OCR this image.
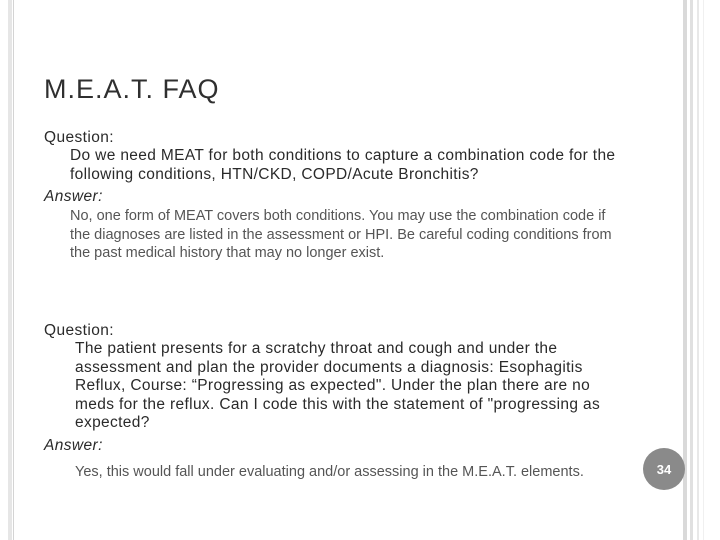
M.E.A.T. FAQ
Question:
Do we need MEAT for both conditions to capture a combination code for the following conditions, HTN/CKD, COPD/Acute Bronchitis?
Answer:
No, one form of MEAT covers both conditions. You may use the combination code if the diagnoses are listed in the assessment or HPI. Be careful coding conditions from the past medical history that may no longer exist.
Question:
The patient presents for a scratchy throat and cough and under the assessment and plan the provider documents a diagnosis: Esophagitis Reflux, Course: “Progressing as expected". Under the plan there are no meds for the reflux. Can I code this with the statement of "progressing as expected?
Answer:
Yes, this would fall under evaluating and/or assessing in the M.E.A.T. elements.	34
